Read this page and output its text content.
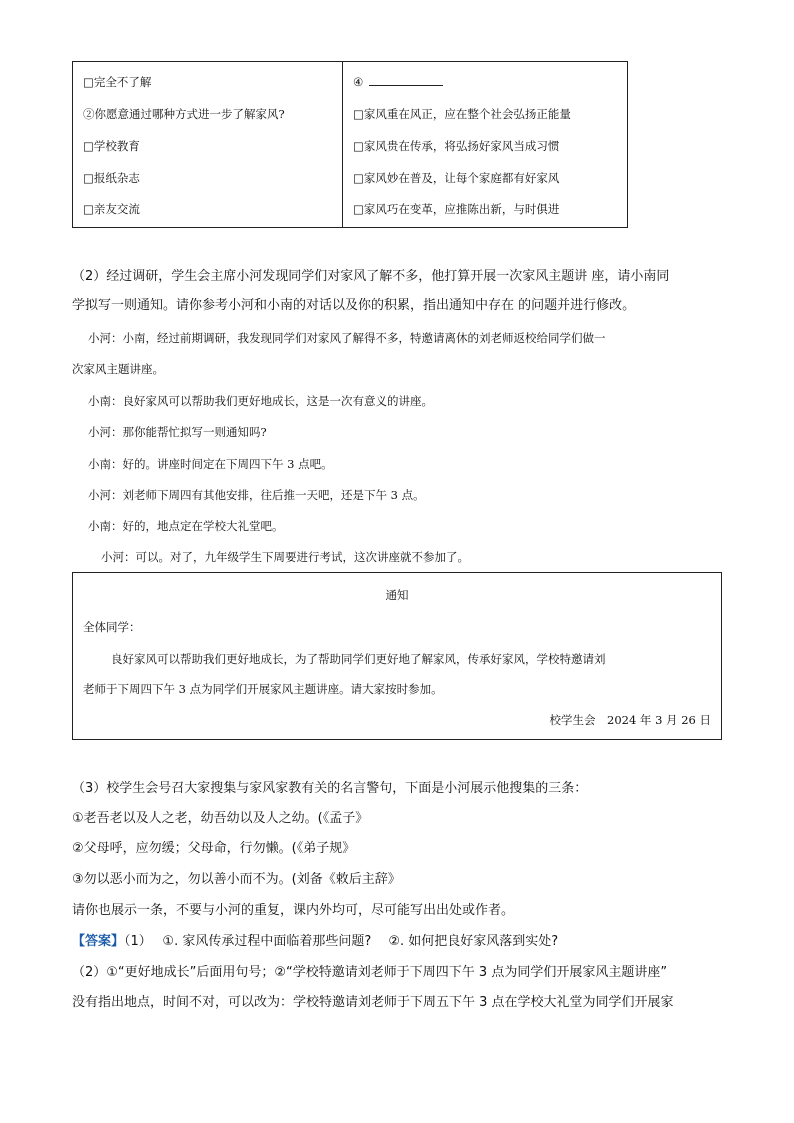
□完全不了解
②你愿意通过哪种方式进一步了解家风?
□学校教育
□报纸杂志
□亲友交流
④
□家风重在风正，应在整个社会弘扬正能量
□家风贵在传承，将弘扬好家风当成习惯
□家风妙在普及，让每个家庭都有好家风
□家风巧在变革，应推陈出新，与时俱进
（2）经过调研，学生会主席小河发现同学们对家风了解不多，他打算开展一次家风主题讲 座，请小南同
学拟写一则通知。请你参考小河和小南的对话以及你的积累，指出通知中存在 的问题并进行修改。
小河：小南，经过前期调研，我发现同学们对家风了解得不多，特邀请离休的刘老师返校给同学们做一
次家风主题讲座。
小南：良好家风可以帮助我们更好地成长，这是一次有意义的讲座。
小河：那你能帮忙拟写一则通知吗?
小南：好的。讲座时间定在下周四下午 3 点吧。
小河：刘老师下周四有其他安排，往后推一天吧，还是下午 3 点。
小南：好的，地点定在学校大礼堂吧。
小河：可以。对了，九年级学生下周要进行考试，这次讲座就不参加了。
通知
全体同学：
良好家风可以帮助我们更好地成长，为了帮助同学们更好地了解家风，传承好家风，学校特邀请刘
老师于下周四下午 3 点为同学们开展家风主题讲座。请大家按时参加。
校学生会　2024 年 3 月 26 日
（3）校学生会号召大家搜集与家风家教有关的名言警句，下面是小河展示他搜集的三条：
①老吾老以及人之老，幼吾幼以及人之幼。(《孟子》
②父母呼，应勿缓；父母命，行勿懒。(《弟子规》
③勿以恶小而为之，勿以善小而不为。(刘备《敕后主辞》
请你也展示一条，不要与小河的重复，课内外均可，尽可能写出出处或作者。
【答案】（1）　 ①. 家风传承过程中面临着那些问题?　 ②. 如何把良好家风落到实处?
（2）①“更好地成长”后面用句号；②“学校特邀请刘老师于下周四下午 3 点为同学们开展家风主题讲座”
没有指出地点，时间不对，可以改为：学校特邀请刘老师于下周五下午 3 点在学校大礼堂为同学们开展家
